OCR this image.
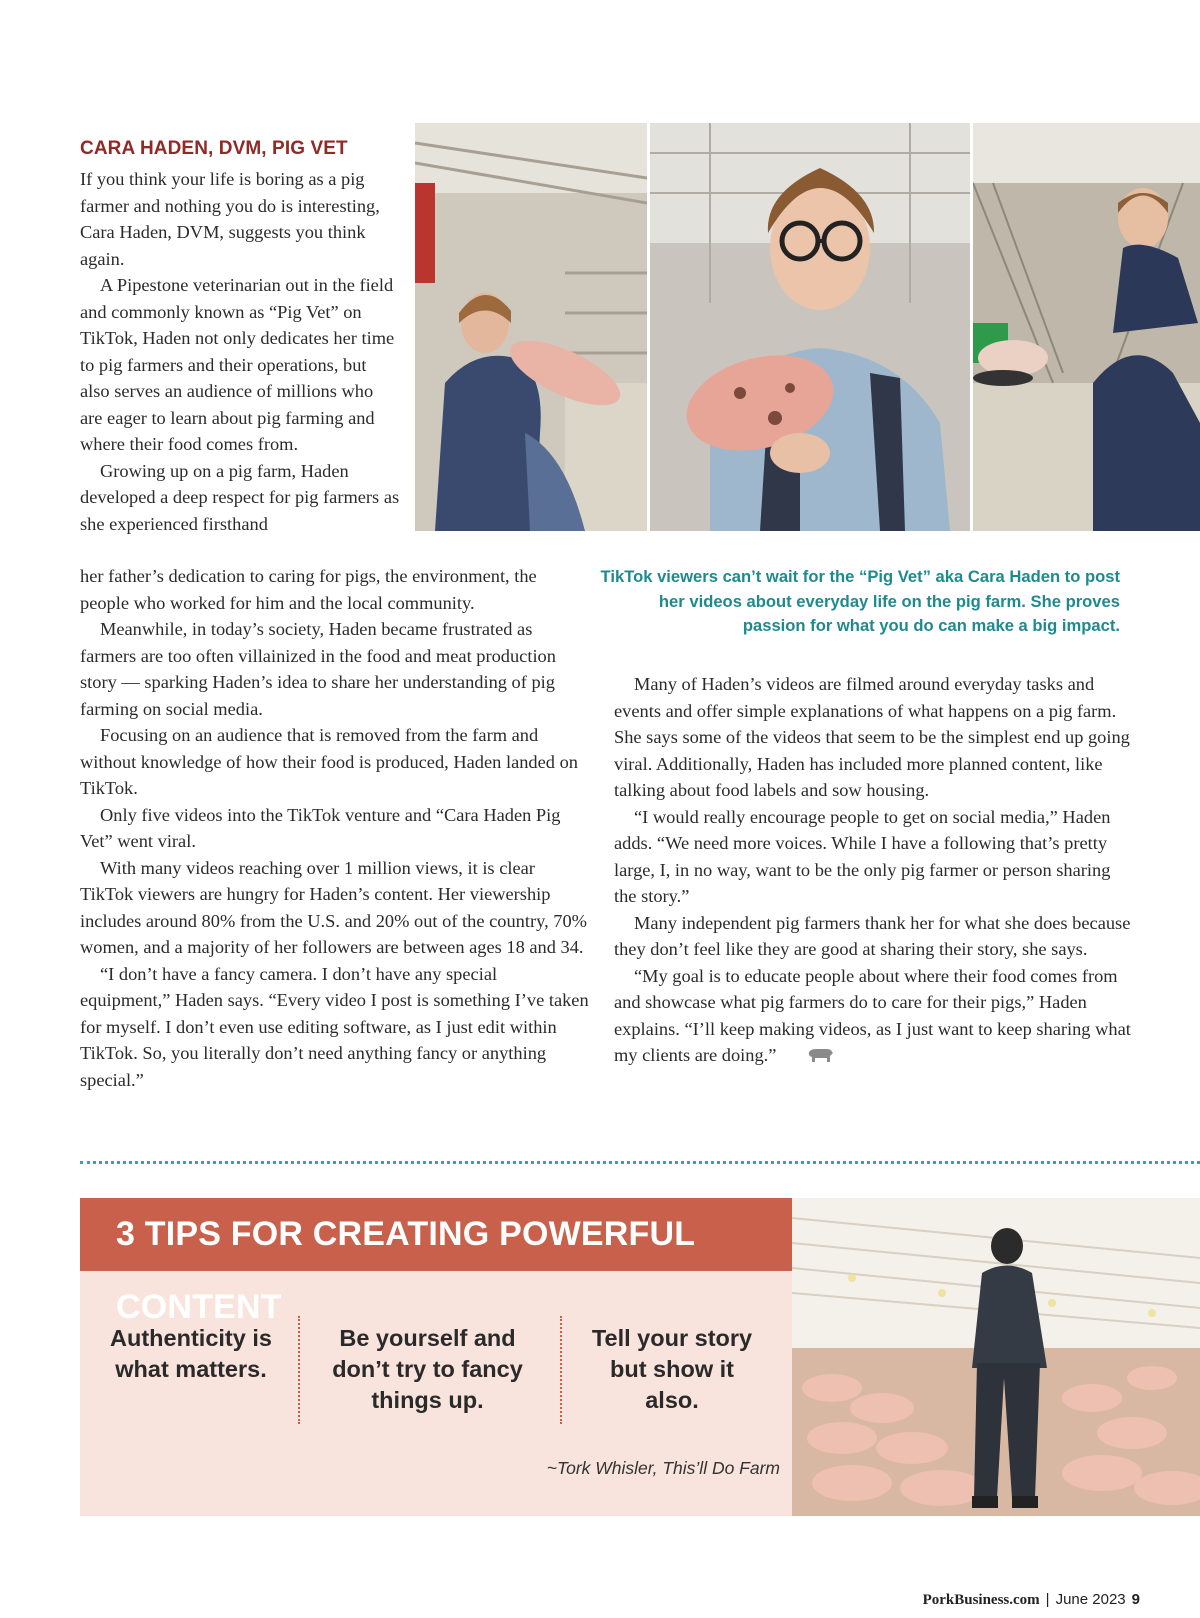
CARA HADEN, DVM, PIG VET

If you think your life is boring as a pig farmer and nothing you do is interesting, Cara Haden, DVM, suggests you think again.

A Pipestone veterinarian out in the field and commonly known as “Pig Vet” on TikTok, Haden not only dedicates her time to pig farmers and their operations, but also serves an audience of millions who are eager to learn about pig farming and where their food comes from.

Growing up on a pig farm, Haden developed a deep respect for pig farmers as she experienced firsthand

TikTok viewers can’t wait for the “Pig Vet” aka Cara Haden to post her videos about everyday life on the pig farm. She proves passion for what you do can make a big impact.

her father’s dedication to caring for pigs, the environment, the people who worked for him and the local community.

Meanwhile, in today’s society, Haden became frustrated as farmers are too often villainized in the food and meat production story — sparking Haden’s idea to share her understanding of pig farming on social media.

Focusing on an audience that is removed from the farm and without knowledge of how their food is produced, Haden landed on TikTok.

Only five videos into the TikTok venture and “Cara Haden Pig Vet” went viral.

With many videos reaching over 1 million views, it is clear TikTok viewers are hungry for Haden’s content. Her viewership includes around 80% from the U.S. and 20% out of the country, 70% women, and a majority of her followers are between ages 18 and 34.

“I don’t have a fancy camera. I don’t have any special equipment,” Haden says. “Every video I post is something I’ve taken for myself. I don’t even use editing software, as I just edit within TikTok. So, you literally don’t need anything fancy or anything special.”

Many of Haden’s videos are filmed around everyday tasks and events and offer simple explanations of what happens on a pig farm. She says some of the videos that seem to be the simplest end up going viral. Additionally, Haden has included more planned content, like talking about food labels and sow housing.

“I would really encourage people to get on social media,” Haden adds. “We need more voices. While I have a following that’s pretty large, I, in no way, want to be the only pig farmer or person sharing the story.”

Many independent pig farmers thank her for what she does because they don’t feel like they are good at sharing their story, she says.

“My goal is to educate people about where their food comes from and showcase what pig farmers do to care for their pigs,” Haden explains. “I’ll keep making videos, as I just want to keep sharing what my clients are doing.”

3 TIPS FOR CREATING POWERFUL CONTENT
Authenticity is what matters.
Be yourself and don’t try to fancy things up.
Tell your story but show it also.
~Tork Whisler, This’ll Do Farm
PorkBusiness.com | June 2023 9
